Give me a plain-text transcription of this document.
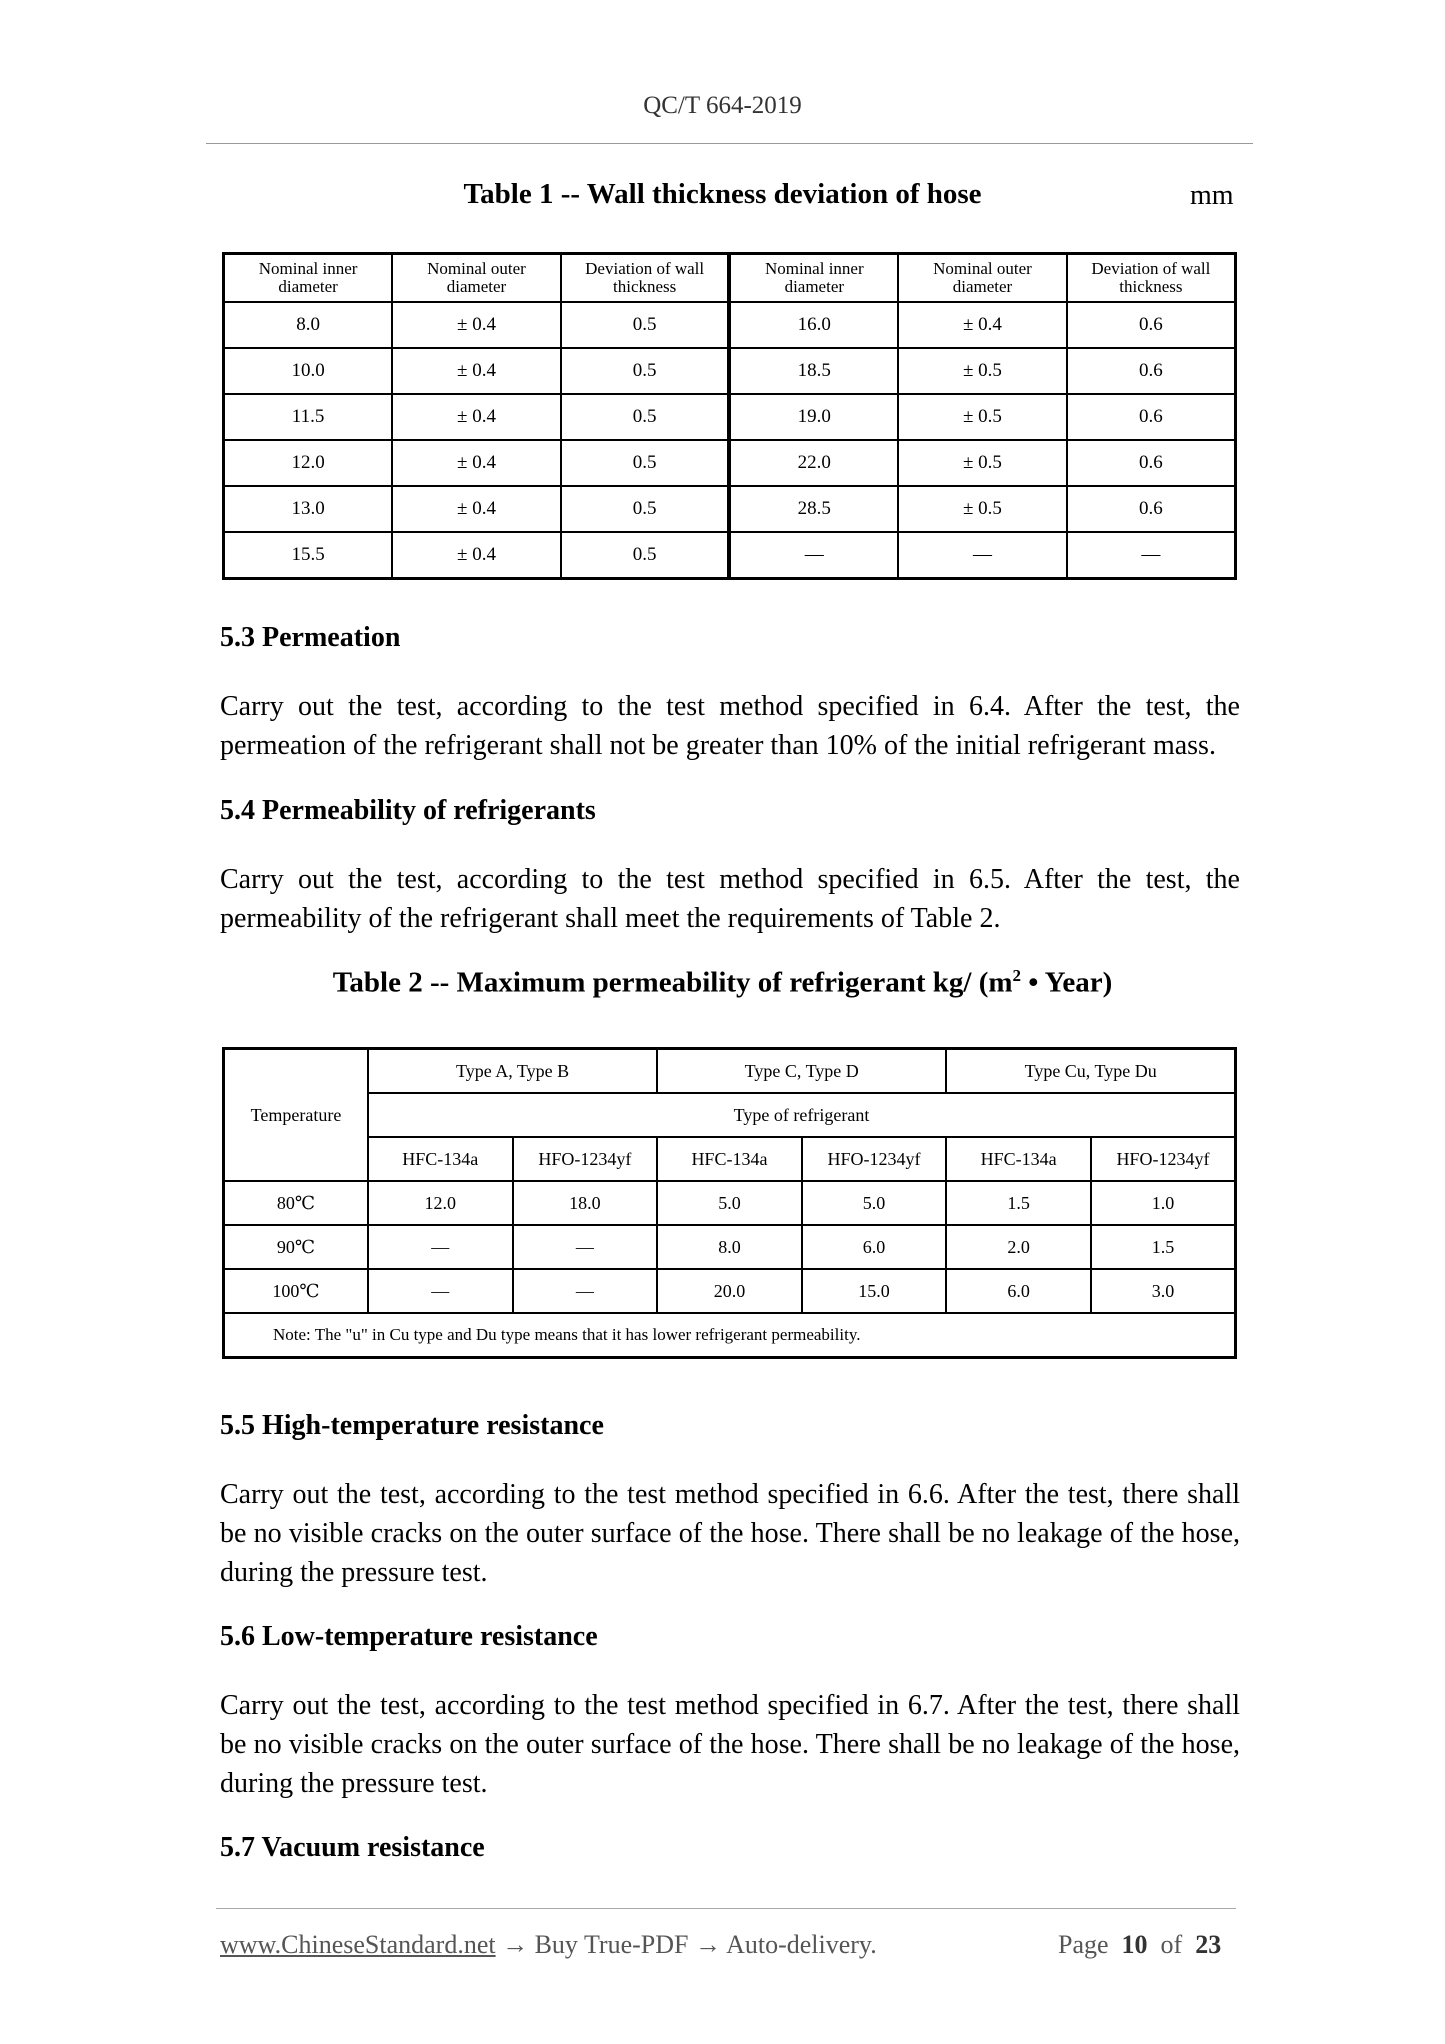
QC/T 664-2019
Table 1 -- Wall thickness deviation of hose	mm
Nominal inner diameter	Nominal outer diameter	Deviation of wall thickness	Nominal inner diameter	Nominal outer diameter	Deviation of wall thickness
8.0	± 0.4	0.5	16.0	± 0.4	0.6
10.0	± 0.4	0.5	18.5	± 0.5	0.6
11.5	± 0.4	0.5	19.0	± 0.5	0.6
12.0	± 0.4	0.5	22.0	± 0.5	0.6
13.0	± 0.4	0.5	28.5	± 0.5	0.6
15.5	± 0.4	0.5	—	—	—
5.3 Permeation
Carry out the test, according to the test method specified in 6.4. After the test, the permeation of the refrigerant shall not be greater than 10% of the initial refrigerant mass.
5.4 Permeability of refrigerants
Carry out the test, according to the test method specified in 6.5. After the test, the permeability of the refrigerant shall meet the requirements of Table 2.
Table 2 -- Maximum permeability of refrigerant kg/ ($m^2$ • Year)
Temperature	Type A, Type B		Type C, Type D		Type Cu, Type Du	
	Type of refrigerant					
	HFC-134a	HFO-1234yf	HFC-134a	HFO-1234yf	HFC-134a	HFO-1234yf
80℃	12.0	18.0	5.0	5.0	1.5	1.0
90℃	—	—	8.0	6.0	2.0	1.5
100℃	—	—	20.0	15.0	6.0	3.0
Note: The "u" in Cu type and Du type means that it has lower refrigerant permeability.						
5.5 High-temperature resistance
Carry out the test, according to the test method specified in 6.6. After the test, there shall be no visible cracks on the outer surface of the hose. There shall be no leakage of the hose, during the pressure test.
5.6 Low-temperature resistance
Carry out the test, according to the test method specified in 6.7. After the test, there shall be no visible cracks on the outer surface of the hose. There shall be no leakage of the hose, during the pressure test.
5.7 Vacuum resistance
www.ChineseStandard.net → Buy True-PDF → Auto-delivery.	Page 10 of 23
